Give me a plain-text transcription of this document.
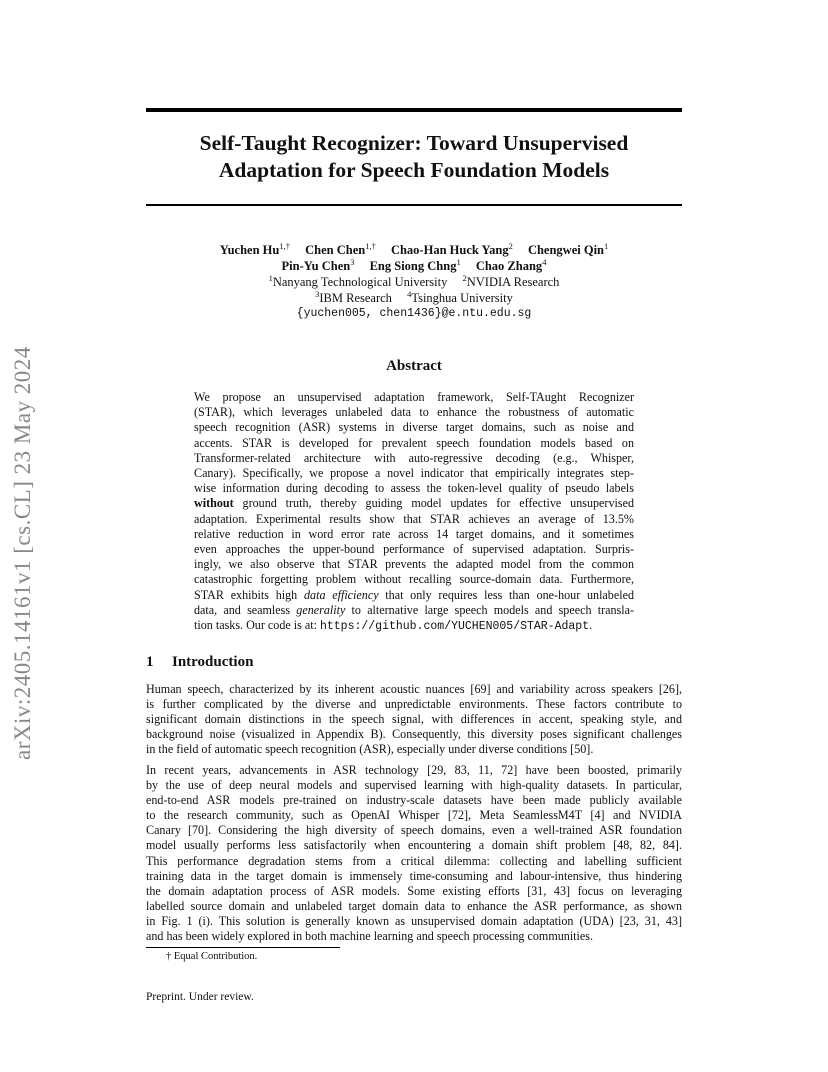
arXiv:2405.14161v1 [cs.CL] 23 May 2024
Self-Taught Recognizer: Toward Unsupervised
Adaptation for Speech Foundation Models
Yuchen $Hu^{1,\dagger}$ Chen Chen$^{1,\dagger}$ Chao-Han Huck Yang$^2$ Chengwei Qin$^1$
Pin-Yu Chen$^3$ Eng Siong Chng$^1$ Chao Zhang$^4$
$^1$Nanyang Technological University $^2$NVIDIA Research
$^3$IBM Research $^4$Tsinghua University
{yuchen005, chen1436}@e.ntu.edu.sg
Abstract
We propose an unsupervised adaptation framework, Self-TAught Recognizer
(STAR), which leverages unlabeled data to enhance the robustness of automatic
speech recognition (ASR) systems in diverse target domains, such as noise and
accents. STAR is developed for prevalent speech foundation models based on
Transformer-related architecture with auto-regressive decoding (e.g., Whisper,
Canary). Specifically, we propose a novel indicator that empirically integrates step-
wise information during decoding to assess the token-level quality of pseudo labels
without ground truth, thereby guiding model updates for effective unsupervised
adaptation. Experimental results show that STAR achieves an average of 13.5%
relative reduction in word error rate across 14 target domains, and it sometimes
even approaches the upper-bound performance of supervised adaptation. Surpris-
ingly, we also observe that STAR prevents the adapted model from the common
catastrophic forgetting problem without recalling source-domain data. Furthermore,
STAR exhibits high data efficiency that only requires less than one-hour unlabeled
data, and seamless generality to alternative large speech models and speech transla-
tion tasks. Our code is at: https://github.com/YUCHEN005/STAR-Adapt.
1 Introduction
Human speech, characterized by its inherent acoustic nuances [69] and variability across speakers [26],
is further complicated by the diverse and unpredictable environments. These factors contribute to
significant domain distinctions in the speech signal, with differences in accent, speaking style, and
background noise (visualized in Appendix B). Consequently, this diversity poses significant challenges
in the field of automatic speech recognition (ASR), especially under diverse conditions [50].
In recent years, advancements in ASR technology [29, 83, 11, 72] have been boosted, primarily
by the use of deep neural models and supervised learning with high-quality datasets. In particular,
end-to-end ASR models pre-trained on industry-scale datasets have been made publicly available
to the research community, such as OpenAI Whisper [72], Meta SeamlessM4T [4] and NVIDIA
Canary [70]. Considering the high diversity of speech domains, even a well-trained ASR foundation
model usually performs less satisfactorily when encountering a domain shift problem [48, 82, 84].
This performance degradation stems from a critical dilemma: collecting and labelling sufficient
training data in the target domain is immensely time-consuming and labour-intensive, thus hindering
the domain adaptation process of ASR models. Some existing efforts [31, 43] focus on leveraging
labelled source domain and unlabeled target domain data to enhance the ASR performance, as shown
in Fig. 1 (i). This solution is generally known as unsupervised domain adaptation (UDA) [23, 31, 43]
and has been widely explored in both machine learning and speech processing communities.
† Equal Contribution.
Preprint. Under review.
